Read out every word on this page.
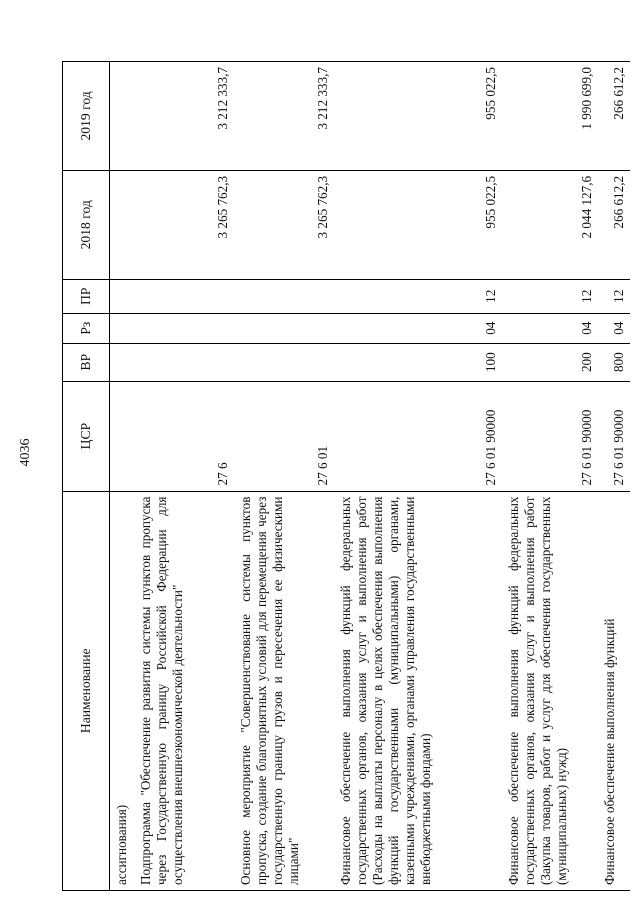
4036
Наименование
ЦСР
ВР
Рз
ПР
2018 год
2019 год
ассигнования) Подпрограмма "Обеспечение развития системы пунктов пропуска через Государственную границу Российской Федерации для осуществления внешнеэкономической деятельности"
27 6
3 265 762,3
3 212 333,7
Основное мероприятие "Совершенствование системы пунктов пропуска, создание благоприятных условий для перемещения через государственную границу грузов и пересечения ее физическими лицами"
27 6 01
3 265 762,3
3 212 333,7
Финансовое обеспечение выполнения функций федеральных государственных органов, оказания услуг и выполнения работ (Расходы на выплаты персоналу в целях обеспечения выполнения функций государственными (муниципальными) органами, казенными учреждениями, органами управления государственными внебюджетными фондами)
27 6 01 90000
100
04
12
955 022,5
955 022,5
Финансовое обеспечение выполнения функций федеральных государственных органов, оказания услуг и выполнения работ (Закупка товаров, работ и услуг для обеспечения государственных (муниципальных) нужд)
27 6 01 90000
200
04
12
2 044 127,6
1 990 699,0
Финансовое обеспечение выполнения функций
27 6 01 90000
800
04
12
266 612,2
266 612,2
